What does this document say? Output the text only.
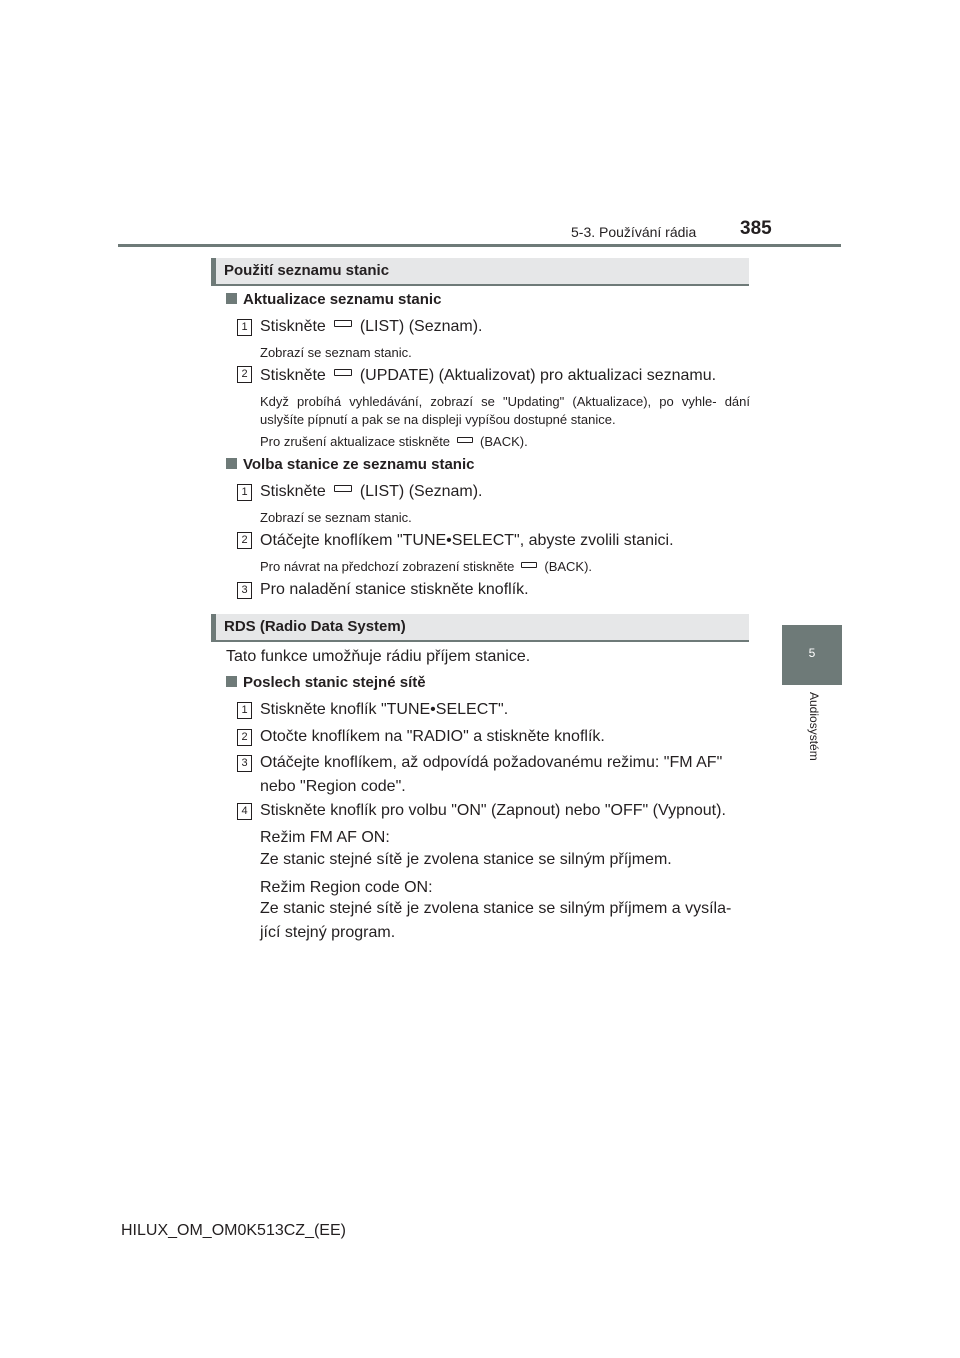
5-3. Používání rádia 385
5
Audiosystém
Použití seznamu stanic
Aktualizace seznamu stanic
1 Stiskněte (LIST) (Seznam).
Zobrazí se seznam stanic.
2 Stiskněte (UPDATE) (Aktualizovat) pro aktualizaci seznamu.
Když probíhá vyhledávání, zobrazí se "Updating" (Aktualizace), po vyhle- dání uslyšíte pípnutí a pak se na displeji vypíšou dostupné stanice.
Pro zrušení aktualizace stiskněte (BACK).
Volba stanice ze seznamu stanic
1 Stiskněte (LIST) (Seznam).
Zobrazí se seznam stanic.
2 Otáčejte knoflíkem "TUNE•SELECT", abyste zvolili stanici.
Pro návrat na předchozí zobrazení stiskněte (BACK).
3 Pro naladění stanice stiskněte knoflík.
RDS (Radio Data System)
Tato funkce umožňuje rádiu příjem stanice.
Poslech stanic stejné sítě
1 Stiskněte knoflík "TUNE•SELECT".
2 Otočte knoflíkem na "RADIO" a stiskněte knoflík.
3 Otáčejte knoflíkem, až odpovídá požadovanému režimu: "FM AF" nebo "Region code".
4 Stiskněte knoflík pro volbu "ON" (Zapnout) nebo "OFF" (Vypnout).
Režim FM AF ON:
Ze stanic stejné sítě je zvolena stanice se silným příjmem.
Režim Region code ON:
Ze stanic stejné sítě je zvolena stanice se silným příjmem a vysíla- jící stejný program.
HILUX_OM_OM0K513CZ_(EE)
